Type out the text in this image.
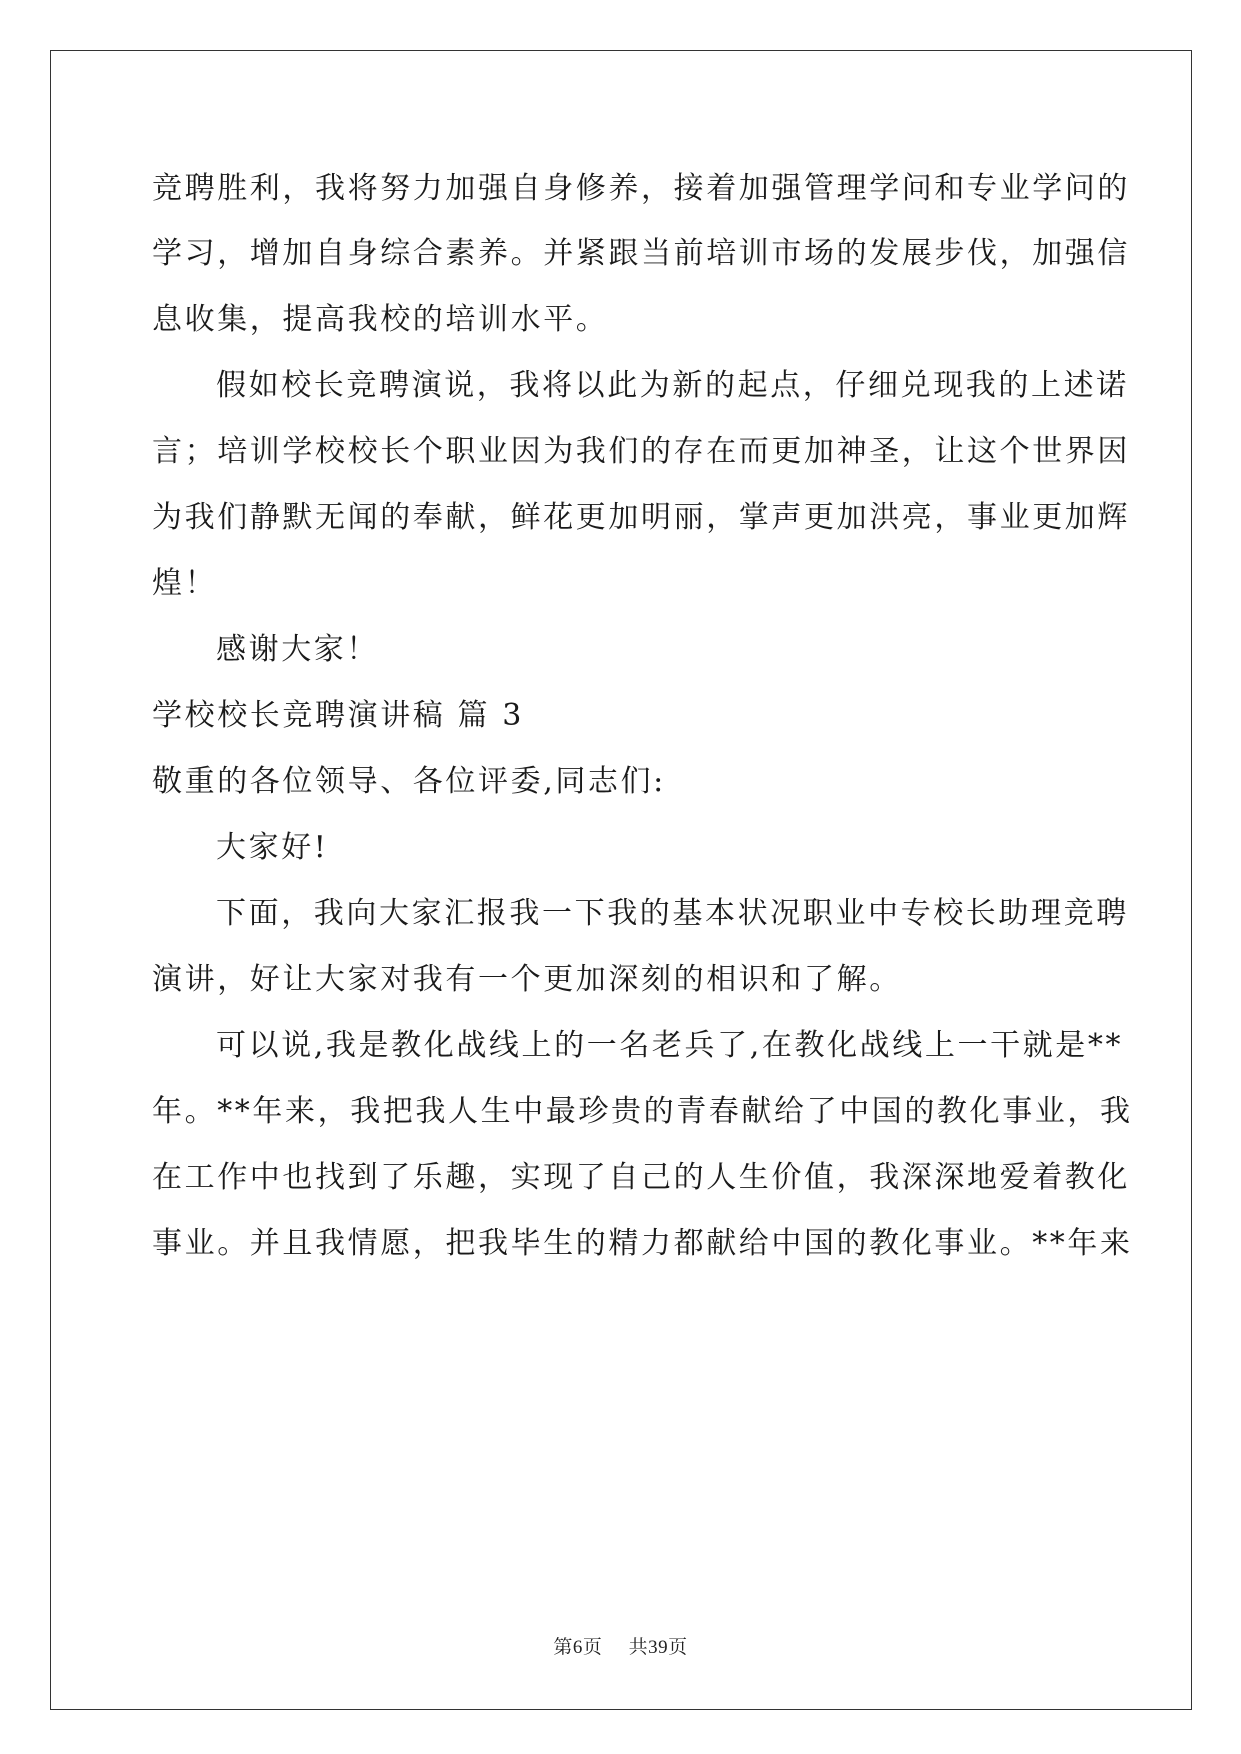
竞聘胜利，我将努力加强自身修养，接着加强管理学问和专业学问的
学习，增加自身综合素养。并紧跟当前培训市场的发展步伐，加强信
息收集，提高我校的培训水平。
假如校长竞聘演说，我将以此为新的起点，仔细兑现我的上述诺
言；培训学校校长个职业因为我们的存在而更加神圣，让这个世界因
为我们静默无闻的奉献，鲜花更加明丽，掌声更加洪亮，事业更加辉
煌！
感谢大家！
学校校长竞聘演讲稿 篇 3
敬重的各位领导、各位评委,同志们:
大家好!
下面，我向大家汇报我一下我的基本状况职业中专校长助理竞聘
演讲，好让大家对我有一个更加深刻的相识和了解。
可以说,我是教化战线上的一名老兵了,在教化战线上一干就是**
年。**年来，我把我人生中最珍贵的青春献给了中国的教化事业，我
在工作中也找到了乐趣，实现了自己的人生价值，我深深地爱着教化
事业。并且我情愿，把我毕生的精力都献给中国的教化事业。**年来
第6页 共39页
